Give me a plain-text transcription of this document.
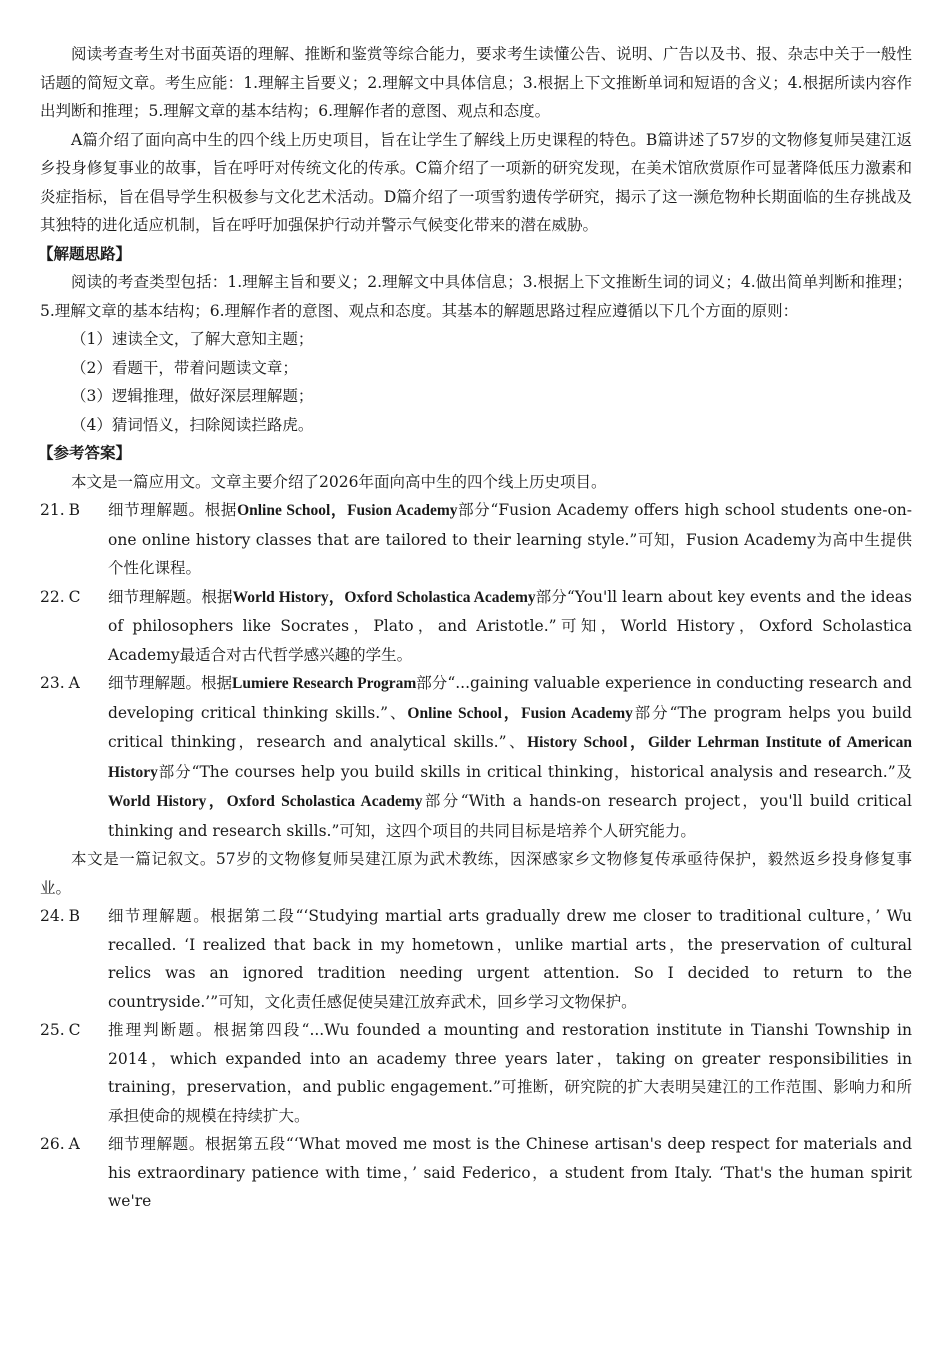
阅读考查考生对书面英语的理解、推断和鉴赏等综合能力，要求考生读懂公告、说明、广告以及书、报、杂志中关于一般性话题的简短文章。考生应能：1.理解主旨要义；2.理解文中具体信息；3.根据上下文推断单词和短语的含义；4.根据所读内容作出判断和推理；5.理解文章的基本结构；6.理解作者的意图、观点和态度。

A篇介绍了面向高中生的四个线上历史项目，旨在让学生了解线上历史课程的特色。B篇讲述了57岁的文物修复师吴建江返乡投身修复事业的故事，旨在呼吁对传统文化的传承。C篇介绍了一项新的研究发现，在美术馆欣赏原作可显著降低压力激素和炎症指标，旨在倡导学生积极参与文化艺术活动。D篇介绍了一项雪豹遗传学研究，揭示了这一濒危物种长期面临的生存挑战及其独特的进化适应机制，旨在呼吁加强保护行动并警示气候变化带来的潜在威胁。

【解题思路】

阅读的考查类型包括：1.理解主旨和要义；2.理解文中具体信息；3.根据上下文推断生词的词义；4.做出简单判断和推理；5.理解文章的基本结构；6.理解作者的意图、观点和态度。其基本的解题思路过程应遵循以下几个方面的原则：

（1）速读全文，了解大意知主题；

（2）看题干，带着问题读文章；

（3）逻辑推理，做好深层理解题；

（4）猜词悟义，扫除阅读拦路虎。

【参考答案】

本文是一篇应用文。文章主要介绍了2026年面向高中生的四个线上历史项目。

21. B	细节理解题。根据Online School，Fusion Academy部分“Fusion Academy offers high school students one-on-one online history classes that are tailored to their learning style.”可知，Fusion Academy为高中生提供个性化课程。
22. C	细节理解题。根据World History，Oxford Scholastica Academy部分“You'll learn about key events and the ideas of philosophers like Socrates，Plato，and Aristotle.”可知，World History，Oxford Scholastica Academy最适合对古代哲学感兴趣的学生。
23. A	细节理解题。根据Lumiere Research Program部分“...gaining valuable experience in conducting research and developing critical thinking skills.”、Online School，Fusion Academy部分“The program helps you build critical thinking，research and analytical skills.”、History School，Gilder Lehrman Institute of American History部分“The courses help you build skills in critical thinking，historical analysis and research.”及World History，Oxford Scholastica Academy部分“With a hands-on research project，you'll build critical thinking and research skills.”可知，这四个项目的共同目标是培养个人研究能力。

本文是一篇记叙文。57岁的文物修复师吴建江原为武术教练，因深感家乡文物修复传承亟待保护，毅然返乡投身修复事业。

24. B	细节理解题。根据第二段“‘Studying martial arts gradually drew me closer to traditional culture，’ Wu recalled. ‘I realized that back in my hometown，unlike martial arts，the preservation of cultural relics was an ignored tradition needing urgent attention. So I decided to return to the countryside.’”可知，文化责任感促使吴建江放弃武术，回乡学习文物保护。
25. C	推理判断题。根据第四段“...Wu founded a mounting and restoration institute in Tianshi Township in 2014，which expanded into an academy three years later，taking on greater responsibilities in training，preservation，and public engagement.”可推断，研究院的扩大表明吴建江的工作范围、影响力和所承担使命的规模在持续扩大。
26. A	细节理解题。根据第五段“‘What moved me most is the Chinese artisan's deep respect for materials and his extraordinary patience with time，’ said Federico，a student from Italy. ‘That's the human spirit we're
